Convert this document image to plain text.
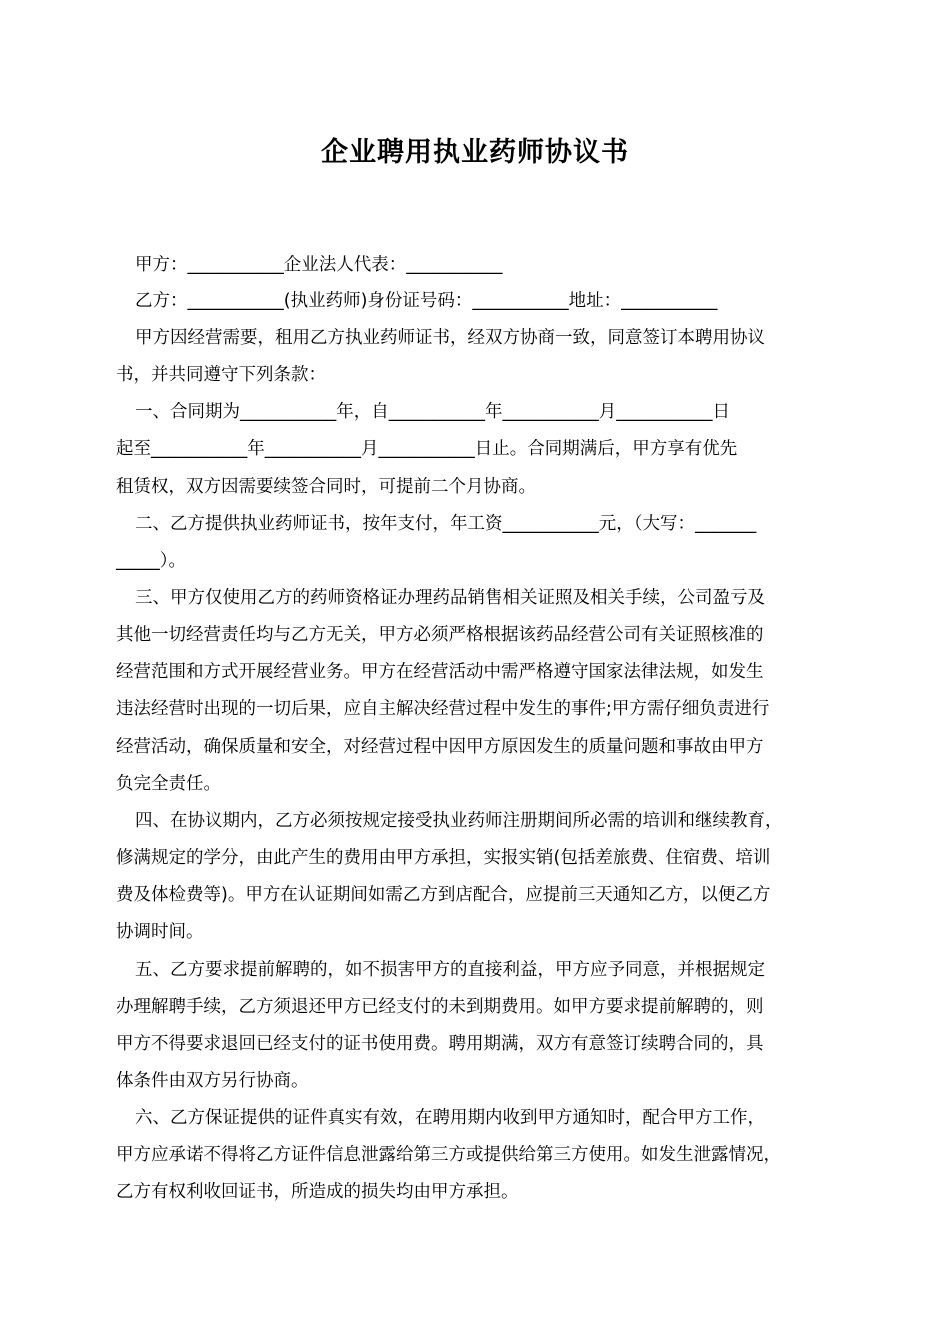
企业聘用执业药师协议书
甲方：___________企业法人代表：___________
乙方：___________(执业药师)身份证号码：___________地址：___________
甲方因经营需要，租用乙方执业药师证书，经双方协商一致，同意签订本聘用协议
书，并共同遵守下列条款：
一、合同期为___________年，自___________年___________月___________日
起至___________年___________月___________日止。合同期满后，甲方享有优先
租赁权，双方因需要续签合同时，可提前二个月协商。
二、乙方提供执业药师证书，按年支付，年工资___________元，（大写：_______
_____）。
三、甲方仅使用乙方的药师资格证办理药品销售相关证照及相关手续，公司盈亏及
其他一切经营责任均与乙方无关，甲方必须严格根据该药品经营公司有关证照核准的
经营范围和方式开展经营业务。甲方在经营活动中需严格遵守国家法律法规，如发生
违法经营时出现的一切后果，应自主解决经营过程中发生的事件;甲方需仔细负责进行
经营活动，确保质量和安全，对经营过程中因甲方原因发生的质量问题和事故由甲方
负完全责任。
四、在协议期内，乙方必须按规定接受执业药师注册期间所必需的培训和继续教育，
修满规定的学分，由此产生的费用由甲方承担，实报实销(包括差旅费、住宿费、培训
费及体检费等)。甲方在认证期间如需乙方到店配合，应提前三天通知乙方，以便乙方
协调时间。
五、乙方要求提前解聘的，如不损害甲方的直接利益，甲方应予同意，并根据规定
办理解聘手续，乙方须退还甲方已经支付的未到期费用。如甲方要求提前解聘的，则
甲方不得要求退回已经支付的证书使用费。聘用期满，双方有意签订续聘合同的，具
体条件由双方另行协商。
六、乙方保证提供的证件真实有效，在聘用期内收到甲方通知时，配合甲方工作，
甲方应承诺不得将乙方证件信息泄露给第三方或提供给第三方使用。如发生泄露情况，
乙方有权利收回证书，所造成的损失均由甲方承担。
